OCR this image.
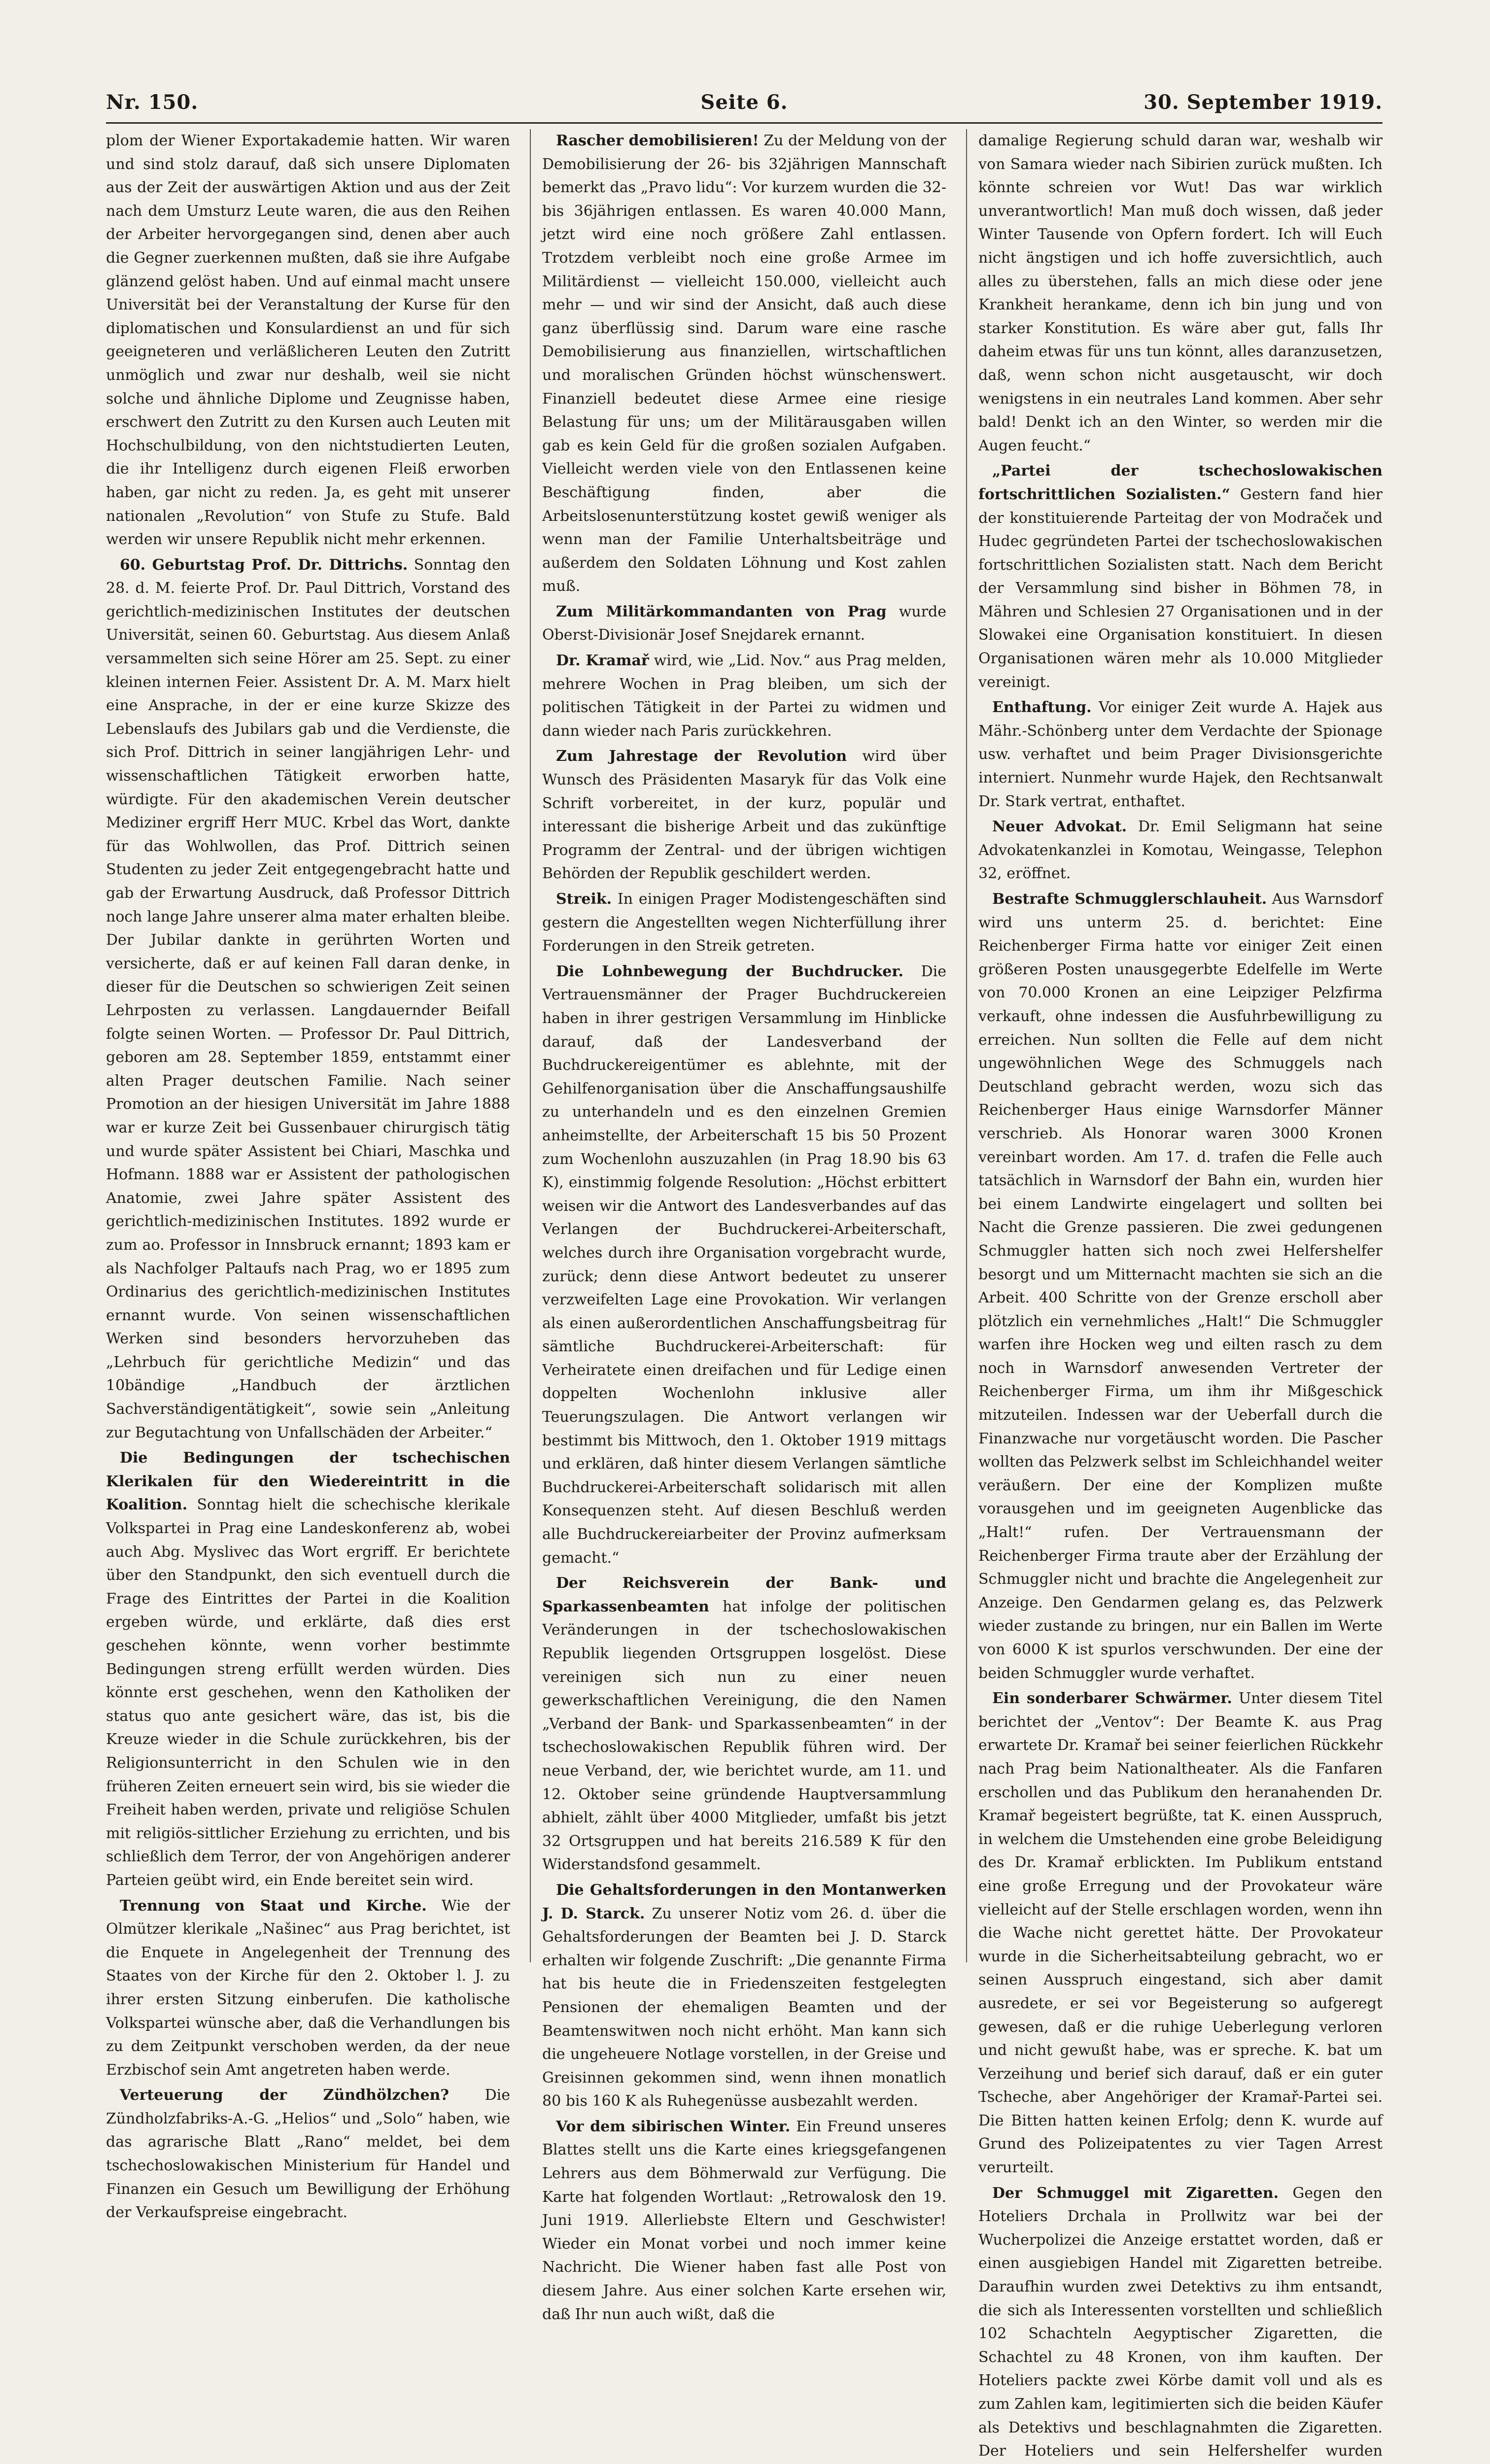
Nr. 150.	Seite 6.	30. September 1919.

plom der Wiener Exportakademie hatten. Wir waren und sind stolz darauf, daß sich unsere Diplomaten aus der Zeit der auswärtigen Aktion und aus der Zeit nach dem Umsturz Leute waren, die aus den Reihen der Arbeiter hervorgegangen sind, denen aber auch die Gegner zuerkennen mußten, daß sie ihre Aufgabe glänzend gelöst haben. Und auf einmal macht unsere Universität bei der Veranstaltung der Kurse für den diplomatischen und Konsulardienst an und für sich geeigneteren und verläßlicheren Leuten den Zutritt unmöglich und zwar nur deshalb, weil sie nicht solche und ähnliche Diplome und Zeugnisse haben, erschwert den Zutritt zu den Kursen auch Leuten mit Hochschulbildung, von den nichtstudierten Leuten, die ihr Intelligenz durch eigenen Fleiß erworben haben, gar nicht zu reden. Ja, es geht mit unserer nationalen „Revolution“ von Stufe zu Stufe. Bald werden wir unsere Republik nicht mehr erkennen.

60. Geburtstag Prof. Dr. Dittrichs. Sonntag den 28. d. M. feierte Prof. Dr. Paul Dittrich, Vorstand des gerichtlich-medizinischen Institutes der deutschen Universität, seinen 60. Geburtstag. Aus diesem Anlaß versammelten sich seine Hörer am 25. Sept. zu einer kleinen internen Feier. Assistent Dr. A. M. Marx hielt eine Ansprache, in der er eine kurze Skizze des Lebenslaufs des Jubilars gab und die Verdienste, die sich Prof. Dittrich in seiner langjährigen Lehr- und wissenschaftlichen Tätigkeit erworben hatte, würdigte. Für den akademischen Verein deutscher Mediziner ergriff Herr MUC. Krbel das Wort, dankte für das Wohlwollen, das Prof. Dittrich seinen Studenten zu jeder Zeit entgegengebracht hatte und gab der Erwartung Ausdruck, daß Professor Dittrich noch lange Jahre unserer alma mater erhalten bleibe. Der Jubilar dankte in gerührten Worten und versicherte, daß er auf keinen Fall daran denke, in dieser für die Deutschen so schwierigen Zeit seinen Lehrposten zu verlassen. Langdauernder Beifall folgte seinen Worten. — Professor Dr. Paul Dittrich, geboren am 28. September 1859, entstammt einer alten Prager deutschen Familie. Nach seiner Promotion an der hiesigen Universität im Jahre 1888 war er kurze Zeit bei Gussenbauer chirurgisch tätig und wurde später Assistent bei Chiari, Maschka und Hofmann. 1888 war er Assistent der pathologischen Anatomie, zwei Jahre später Assistent des gerichtlich-medizinischen Institutes. 1892 wurde er zum ao. Professor in Innsbruck ernannt; 1893 kam er als Nachfolger Paltaufs nach Prag, wo er 1895 zum Ordinarius des gerichtlich-medizinischen Institutes ernannt wurde. Von seinen wissenschaftlichen Werken sind besonders hervorzuheben das „Lehrbuch für gerichtliche Medizin“ und das 10bändige „Handbuch der ärztlichen Sachverständigentätigkeit“, sowie sein „Anleitung zur Begutachtung von Unfallschäden der Arbeiter.“

Die Bedingungen der tschechischen Klerikalen für den Wiedereintritt in die Koalition. Sonntag hielt die schechische klerikale Volkspartei in Prag eine Landeskonferenz ab, wobei auch Abg. Myslivec das Wort ergriff. Er berichtete über den Standpunkt, den sich eventuell durch die Frage des Eintrittes der Partei in die Koalition ergeben würde, und erklärte, daß dies erst geschehen könnte, wenn vorher bestimmte Bedingungen streng erfüllt werden würden. Dies könnte erst geschehen, wenn den Katholiken der status quo ante gesichert wäre, das ist, bis die Kreuze wieder in die Schule zurückkehren, bis der Religionsunterricht in den Schulen wie in den früheren Zeiten erneuert sein wird, bis sie wieder die Freiheit haben werden, private und religiöse Schulen mit religiös-sittlicher Erziehung zu errichten, und bis schließlich dem Terror, der von Angehörigen anderer Parteien geübt wird, ein Ende bereitet sein wird.

Trennung von Staat und Kirche. Wie der Olmützer klerikale „Našinec“ aus Prag berichtet, ist die Enquete in Angelegenheit der Trennung des Staates von der Kirche für den 2. Oktober l. J. zu ihrer ersten Sitzung einberufen. Die katholische Volkspartei wünsche aber, daß die Verhandlungen bis zu dem Zeitpunkt verschoben werden, da der neue Erzbischof sein Amt angetreten haben werde.

Verteuerung der Zündhölzchen? Die Zündholzfabriks-A.-G. „Helios“ und „Solo“ haben, wie das agrarische Blatt „Rano“ meldet, bei dem tschechoslowakischen Ministerium für Handel und Finanzen ein Gesuch um Bewilligung der Erhöhung der Verkaufspreise eingebracht.

Rascher demobilisieren! Zu der Meldung von der Demobilisierung der 26- bis 32jährigen Mannschaft bemerkt das „Pravo lidu“: Vor kurzem wurden die 32- bis 36jährigen entlassen. Es waren 40.000 Mann, jetzt wird eine noch größere Zahl entlassen. Trotzdem verbleibt noch eine große Armee im Militärdienst — vielleicht 150.000, vielleicht auch mehr — und wir sind der Ansicht, daß auch diese ganz überflüssig sind. Darum ware eine rasche Demobilisierung aus finanziellen, wirtschaftlichen und moralischen Gründen höchst wünschenswert. Finanziell bedeutet diese Armee eine riesige Belastung für uns; um der Militärausgaben willen gab es kein Geld für die großen sozialen Aufgaben. Vielleicht werden viele von den Entlassenen keine Beschäftigung finden, aber die Arbeitslosenunterstützung kostet gewiß weniger als wenn man der Familie Unterhaltsbeiträge und außerdem den Soldaten Löhnung und Kost zahlen muß.

Zum Militärkommandanten von Prag wurde Oberst-Divisionär Josef Snejdarek ernannt.

Dr. Kramař wird, wie „Lid. Nov.“ aus Prag melden, mehrere Wochen in Prag bleiben, um sich der politischen Tätigkeit in der Partei zu widmen und dann wieder nach Paris zurückkehren.

Zum Jahrestage der Revolution wird über Wunsch des Präsidenten Masaryk für das Volk eine Schrift vorbereitet, in der kurz, populär und interessant die bisherige Arbeit und das zukünftige Programm der Zentral- und der übrigen wichtigen Behörden der Republik geschildert werden.

Streik. In einigen Prager Modistengeschäften sind gestern die Angestellten wegen Nichterfüllung ihrer Forderungen in den Streik getreten.

Die Lohnbewegung der Buchdrucker. Die Vertrauensmänner der Prager Buchdruckereien haben in ihrer gestrigen Versammlung im Hinblicke darauf, daß der Landesverband der Buchdruckereigentümer es ablehnte, mit der Gehilfenorganisation über die Anschaffungsaushilfe zu unterhandeln und es den einzelnen Gremien anheimstellte, der Arbeiterschaft 15 bis 50 Prozent zum Wochenlohn auszuzahlen (in Prag 18.90 bis 63 K), einstimmig folgende Resolution: „Höchst erbittert weisen wir die Antwort des Landesverbandes auf das Verlangen der Buchdruckerei-Arbeiterschaft, welches durch ihre Organisation vorgebracht wurde, zurück; denn diese Antwort bedeutet zu unserer verzweifelten Lage eine Provokation. Wir verlangen als einen außerordentlichen Anschaffungsbeitrag für sämtliche Buchdruckerei-Arbeiterschaft: für Verheiratete einen dreifachen und für Ledige einen doppelten Wochenlohn inklusive aller Teuerungszulagen. Die Antwort verlangen wir bestimmt bis Mittwoch, den 1. Oktober 1919 mittags und erklären, daß hinter diesem Verlangen sämtliche Buchdruckerei-Arbeiterschaft solidarisch mit allen Konsequenzen steht. Auf diesen Beschluß werden alle Buchdruckereiarbeiter der Provinz aufmerksam gemacht.“

Der Reichsverein der Bank- und Sparkassenbeamten hat infolge der politischen Veränderungen in der tschechoslowakischen Republik liegenden Ortsgruppen losgelöst. Diese vereinigen sich nun zu einer neuen gewerkschaftlichen Vereinigung, die den Namen „Verband der Bank- und Sparkassenbeamten“ in der tschechoslowakischen Republik führen wird. Der neue Verband, der, wie berichtet wurde, am 11. und 12. Oktober seine gründende Hauptversammlung abhielt, zählt über 4000 Mitglieder, umfaßt bis jetzt 32 Ortsgruppen und hat bereits 216.589 K für den Widerstandsfond gesammelt.

Die Gehaltsforderungen in den Montanwerken J. D. Starck. Zu unserer Notiz vom 26. d. über die Gehaltsforderungen der Beamten bei J. D. Starck erhalten wir folgende Zuschrift: „Die genannte Firma hat bis heute die in Friedenszeiten festgelegten Pensionen der ehemaligen Beamten und der Beamtenswitwen noch nicht erhöht. Man kann sich die ungeheuere Notlage vorstellen, in der Greise und Greisinnen gekommen sind, wenn ihnen monatlich 80 bis 160 K als Ruhegenüsse ausbezahlt werden.

Vor dem sibirischen Winter. Ein Freund unseres Blattes stellt uns die Karte eines kriegsgefangenen Lehrers aus dem Böhmerwald zur Verfügung. Die Karte hat folgenden Wortlaut: „Retrowalosk den 19. Juni 1919. Allerliebste Eltern und Geschwister! Wieder ein Monat vorbei und noch immer keine Nachricht. Die Wiener haben fast alle Post von diesem Jahre. Aus einer solchen Karte ersehen wir, daß Ihr nun auch wißt, daß die

damalige Regierung schuld daran war, weshalb wir von Samara wieder nach Sibirien zurück mußten. Ich könnte schreien vor Wut! Das war wirklich unverantwortlich! Man muß doch wissen, daß jeder Winter Tausende von Opfern fordert. Ich will Euch nicht ängstigen und ich hoffe zuversichtlich, auch alles zu überstehen, falls an mich diese oder jene Krankheit herankame, denn ich bin jung und von starker Konstitution. Es wäre aber gut, falls Ihr daheim etwas für uns tun könnt, alles daranzusetzen, daß, wenn schon nicht ausgetauscht, wir doch wenigstens in ein neutrales Land kommen. Aber sehr bald! Denkt ich an den Winter, so werden mir die Augen feucht.“

„Partei der tschechoslowakischen fortschrittlichen Sozialisten.“ Gestern fand hier der konstituierende Parteitag der von Modraček und Hudec gegründeten Partei der tschechoslowakischen fortschrittlichen Sozialisten statt. Nach dem Bericht der Versammlung sind bisher in Böhmen 78, in Mähren und Schlesien 27 Organisationen und in der Slowakei eine Organisation konstituiert. In diesen Organisationen wären mehr als 10.000 Mitglieder vereinigt.

Enthaftung. Vor einiger Zeit wurde A. Hajek aus Mähr.-Schönberg unter dem Verdachte der Spionage usw. verhaftet und beim Prager Divisionsgerichte interniert. Nunmehr wurde Hajek, den Rechtsanwalt Dr. Stark vertrat, enthaftet.

Neuer Advokat. Dr. Emil Seligmann hat seine Advokatenkanzlei in Komotau, Weingasse, Telephon 32, eröffnet.

Bestrafte Schmugglerschlauheit. Aus Warnsdorf wird uns unterm 25. d. berichtet: Eine Reichenberger Firma hatte vor einiger Zeit einen größeren Posten unausgegerbte Edelfelle im Werte von 70.000 Kronen an eine Leipziger Pelzfirma verkauft, ohne indessen die Ausfuhrbewilligung zu erreichen. Nun sollten die Felle auf dem nicht ungewöhnlichen Wege des Schmuggels nach Deutschland gebracht werden, wozu sich das Reichenberger Haus einige Warnsdorfer Männer verschrieb. Als Honorar waren 3000 Kronen vereinbart worden. Am 17. d. trafen die Felle auch tatsächlich in Warnsdorf der Bahn ein, wurden hier bei einem Landwirte eingelagert und sollten bei Nacht die Grenze passieren. Die zwei gedungenen Schmuggler hatten sich noch zwei Helfershelfer besorgt und um Mitternacht machten sie sich an die Arbeit. 400 Schritte von der Grenze erscholl aber plötzlich ein vernehmliches „Halt!“ Die Schmuggler warfen ihre Hocken weg und eilten rasch zu dem noch in Warnsdorf anwesenden Vertreter der Reichenberger Firma, um ihm ihr Mißgeschick mitzuteilen. Indessen war der Ueberfall durch die Finanzwache nur vorgetäuscht worden. Die Pascher wollten das Pelzwerk selbst im Schleichhandel weiter veräußern. Der eine der Komplizen mußte vorausgehen und im geeigneten Augenblicke das „Halt!“ rufen. Der Vertrauensmann der Reichenberger Firma traute aber der Erzählung der Schmuggler nicht und brachte die Angelegenheit zur Anzeige. Den Gendarmen gelang es, das Pelzwerk wieder zustande zu bringen, nur ein Ballen im Werte von 6000 K ist spurlos verschwunden. Der eine der beiden Schmuggler wurde verhaftet.

Ein sonderbarer Schwärmer. Unter diesem Titel berichtet der „Ventov“: Der Beamte K. aus Prag erwartete Dr. Kramař bei seiner feierlichen Rückkehr nach Prag beim Nationaltheater. Als die Fanfaren erschollen und das Publikum den heranahenden Dr. Kramař begeistert begrüßte, tat K. einen Ausspruch, in welchem die Umstehenden eine grobe Beleidigung des Dr. Kramař erblickten. Im Publikum entstand eine große Erregung und der Provokateur wäre vielleicht auf der Stelle erschlagen worden, wenn ihn die Wache nicht gerettet hätte. Der Provokateur wurde in die Sicherheitsabteilung gebracht, wo er seinen Ausspruch eingestand, sich aber damit ausredete, er sei vor Begeisterung so aufgeregt gewesen, daß er die ruhige Ueberlegung verloren und nicht gewußt habe, was er spreche. K. bat um Verzeihung und berief sich darauf, daß er ein guter Tscheche, aber Angehöriger der Kramař-Partei sei. Die Bitten hatten keinen Erfolg; denn K. wurde auf Grund des Polizeipatentes zu vier Tagen Arrest verurteilt.

Der Schmuggel mit Zigaretten. Gegen den Hoteliers Drchala in Prollwitz war bei der Wucherpolizei die Anzeige erstattet worden, daß er einen ausgiebigen Handel mit Zigaretten betreibe. Daraufhin wurden zwei Detektivs zu ihm entsandt, die sich als Interessenten vorstellten und schließlich 102 Schachteln Aegyptischer Zigaretten, die Schachtel zu 48 Kronen, von ihm kauften. Der Hoteliers packte zwei Körbe damit voll und als es zum Zahlen kam, legitimierten sich die beiden Käufer als Detektivs und beschlagnahmten die Zigaretten. Der Hoteliers und sein Helfershelfer wurden
